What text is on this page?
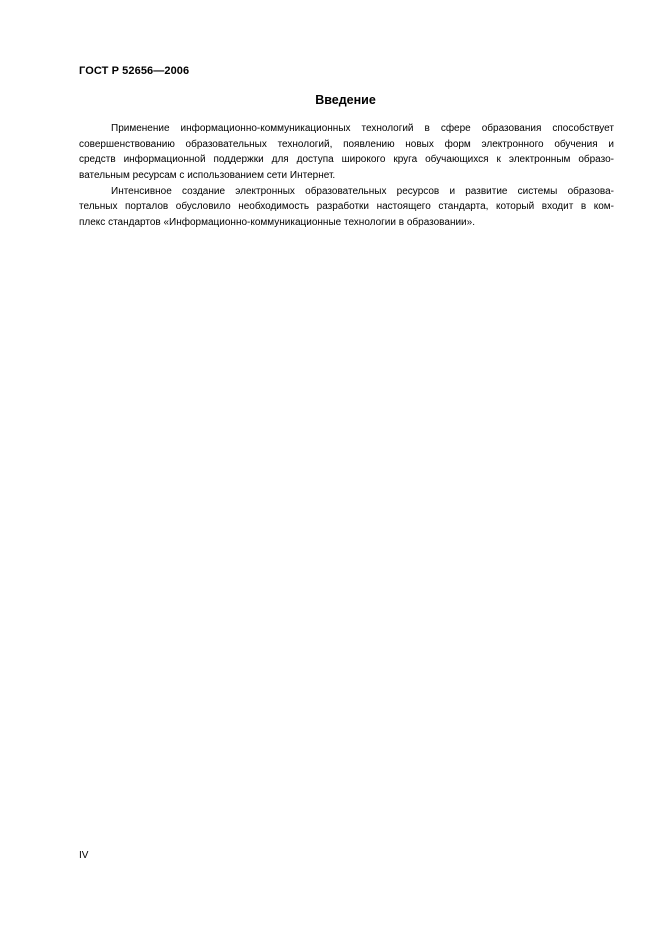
ГОСТ Р 52656—2006
Введение
Применение информационно-коммуникационных технологий в сфере образования способствует
совершенствованию образовательных технологий, появлению новых форм электронного обучения и
средств информационной поддержки для доступа широкого круга обучающихся к электронным образо-
вательным ресурсам с использованием сети Интернет.
Интенсивное создание электронных образовательных ресурсов и развитие системы образова-
тельных порталов обусловило необходимость разработки настоящего стандарта, который входит в ком-
плекс стандартов «Информационно-коммуникационные технологии в образовании».
IV
